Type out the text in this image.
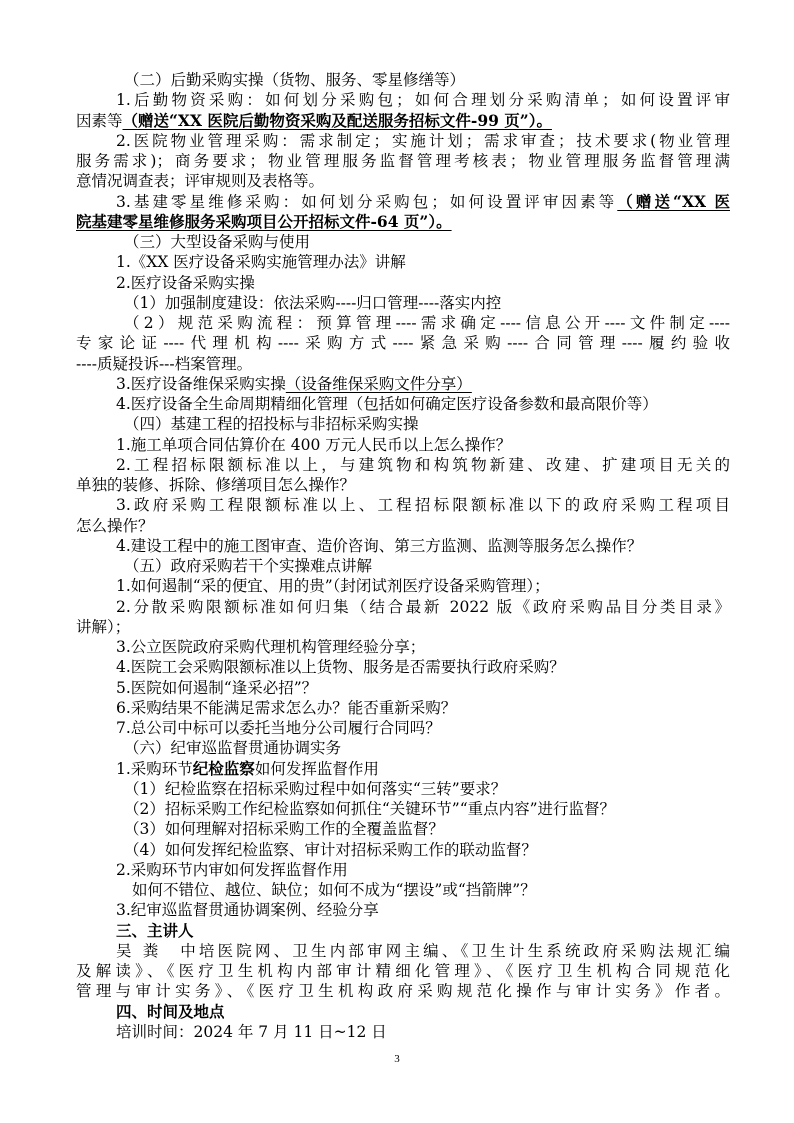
（二）后勤采购实操（货物、服务、零星修缮等）
1.后勤物资采购：如何划分采购包；如何合理划分采购清单；如何设置评审
因素等（赠送“XX 医院后勤物资采购及配送服务招标文件-99 页”）。
2.医院物业管理采购：需求制定；实施计划；需求审查；技术要求(物业管理
服务需求)；商务要求；物业管理服务监督管理考核表；物业管理服务监督管理满
意情况调查表；评审规则及表格等。
3.基建零星维修采购：如何划分采购包；如何设置评审因素等（赠送“XX 医
院基建零星维修服务采购项目公开招标文件-64 页”）。
（三）大型设备采购与使用
1.《XX 医疗设备采购实施管理办法》讲解
2.医疗设备采购实操
（1）加强制度建设：依法采购----归口管理----落实内控
（2）规范采购流程：预算管理----需求确定----信息公开----文件制定----
专家论证----代理机构----采购方式----紧急采购----合同管理----履约验收
----质疑投诉---档案管理。
3.医疗设备维保采购实操（设备维保采购文件分享）
4.医疗设备全生命周期精细化管理（包括如何确定医疗设备参数和最高限价等）
（四）基建工程的招投标与非招标采购实操
1.施工单项合同估算价在 400 万元人民币以上怎么操作？
2.工程招标限额标准以上，与建筑物和构筑物新建、改建、扩建项目无关的
单独的装修、拆除、修缮项目怎么操作？
3.政府采购工程限额标准以上、工程招标限额标准以下的政府采购工程项目
怎么操作？
4.建设工程中的施工图审查、造价咨询、第三方监测、监测等服务怎么操作？
（五）政府采购若干个实操难点讲解
1.如何遏制“采的便宜、用的贵”（封闭试剂医疗设备采购管理）；
2.分散采购限额标准如何归集（结合最新 2022 版《政府采购品目分类目录》
讲解）；
3.公立医院政府采购代理机构管理经验分享；
4.医院工会采购限额标准以上货物、服务是否需要执行政府采购？
5.医院如何遏制“逢采必招”？
6.采购结果不能满足需求怎么办？能否重新采购？
7.总公司中标可以委托当地分公司履行合同吗？
（六）纪审巡监督贯通协调实务
1.采购环节纪检监察如何发挥监督作用
（1）纪检监察在招标采购过程中如何落实“三转”要求？
（2）招标采购工作纪检监察如何抓住“关键环节”“重点内容”进行监督？
（3）如何理解对招标采购工作的全覆盖监督？
（4）如何发挥纪检监察、审计对招标采购工作的联动监督？
2.采购环节内审如何发挥监督作用
如何不错位、越位、缺位；如何不成为“摆设”或“挡箭牌”？
3.纪审巡监督贯通协调案例、经验分享
三、主讲人
吴 粪　中培医院网、卫生内部审网主编、《卫生计生系统政府采购法规汇编
及解读》、《医疗卫生机构内部审计精细化管理》、《医疗卫生机构合同规范化
管理与审计实务》、《医疗卫生机构政府采购规范化操作与审计实务》作者。
四、时间及地点
培训时间：2024 年 7 月 11 日~12 日
3
